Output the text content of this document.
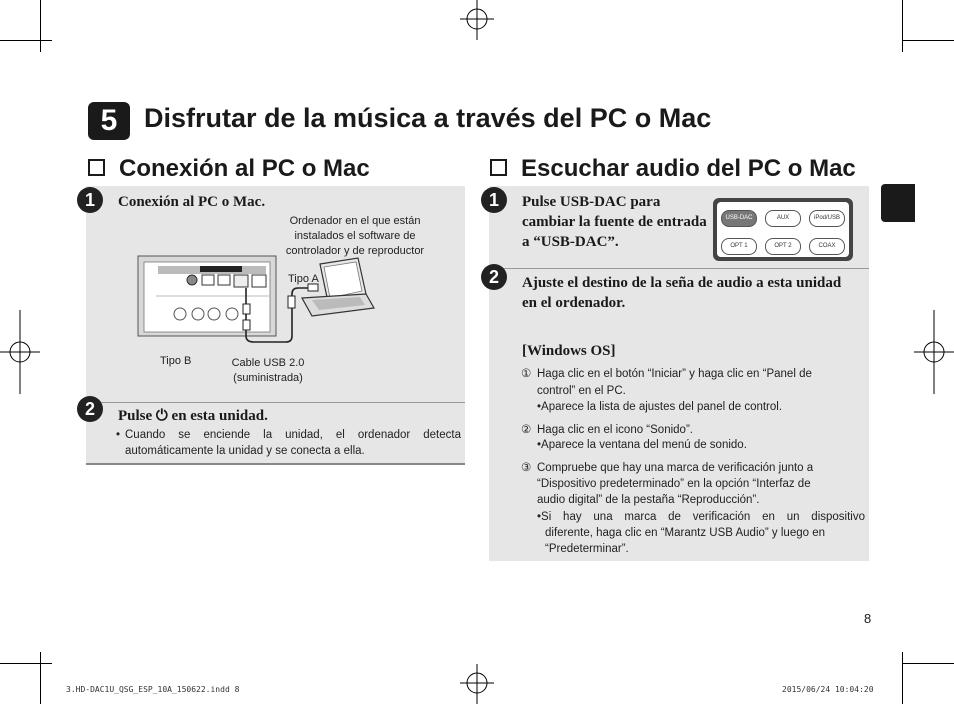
5 Disfrutar de la música a través del PC o Mac
Conexión al PC o Mac	Escuchar audio del PC o Mac
1	Conexión al PC o Mac.
Ordenador en el que están instalados el software de controlador y de reproductor
Tipo A
Tipo B	Cable USB 2.0 (suministrada)
2	Pulse ⏻ en esta unidad.
• Cuando se enciende la unidad, el ordenador detecta
automáticamente la unidad y se conecta a ella.
1	Pulse USB-DAC para cambiar la fuente de entrada a “USB-DAC”.
USB-DAC	AUX	iPod/USB
OPT 1	OPT 2	COAX
2	Ajuste el destino de la seña de audio a esta unidad en el ordenador.
[Windows OS]
① Haga clic en el botón “Iniciar” y haga clic en “Panel de
control” en el PC.
•Aparece la lista de ajustes del panel de control.
② Haga clic en el icono “Sonido”.
•Aparece la ventana del menú de sonido.
③ Compruebe que hay una marca de verificación junto a
“Dispositivo predeterminado” en la opción “Interfaz de
audio digital” de la pestaña “Reproducción”.
•Si hay una marca de verificación en un dispositivo
diferente, haga clic en “Marantz USB Audio” y luego en
“Predeterminar”.
8
3.HD-DAC1U_QSG_ESP_10A_150622.indd 8	2015/06/24 10:04:20
